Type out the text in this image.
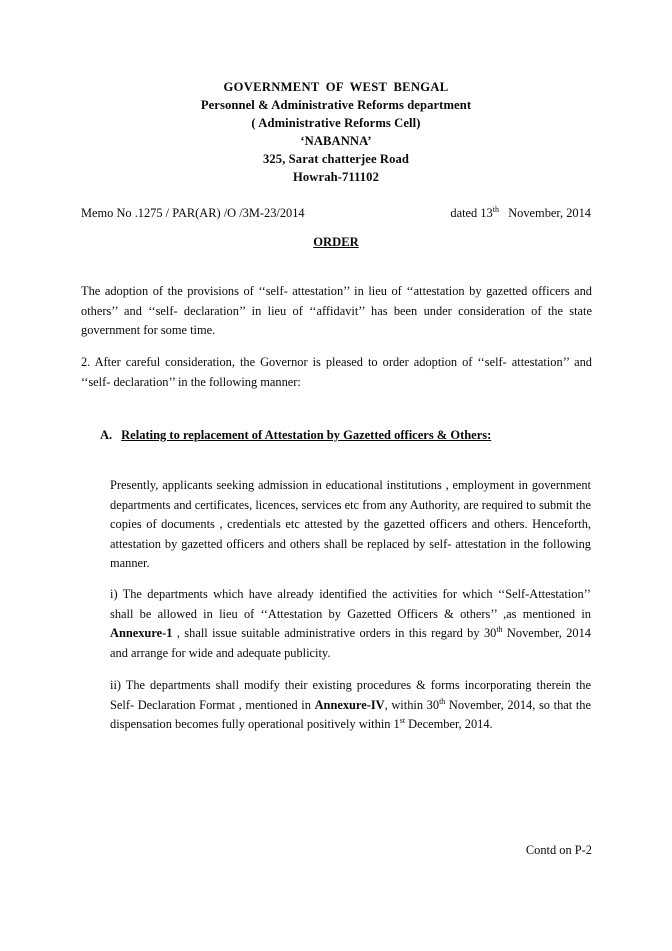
GOVERNMENT OF WEST BENGAL
Personnel & Administrative Reforms department
( Administrative Reforms Cell)
‘NABANNA’
325, Sarat chatterjee Road
Howrah-711102
Memo No .1275 / PAR(AR) /O /3M-23/2014	dated 13th   November, 2014
ORDER
The adoption of the provisions of ‘‘self- attestation’’ in lieu of ‘‘attestation by gazetted officers and others’’ and ‘‘self- declaration’’ in lieu of ‘‘affidavit’’ has been under consideration of the state government for some time.
2. After careful consideration, the Governor is pleased to order adoption of ‘‘self- attestation’’ and ‘‘self- declaration’’ in the following manner:
A. Relating to replacement of Attestation by Gazetted officers & Others:
Presently, applicants seeking admission in educational institutions , employment in government departments and certificates, licences, services etc from any Authority, are required to submit the copies of documents , credentials etc attested by the gazetted officers and others. Henceforth, attestation by gazetted officers and others shall be replaced by self- attestation in the following manner.
i) The departments which have already identified the activities for which ‘‘Self-Attestation’’ shall be allowed in lieu of ‘‘Attestation by Gazetted Officers & others’’ ,as mentioned in Annexure-1 , shall issue suitable administrative orders in this regard by 30th November, 2014 and arrange for wide and adequate publicity.
ii) The departments shall modify their existing procedures & forms incorporating therein the Self- Declaration Format , mentioned in Annexure-IV, within 30th November, 2014, so that the dispensation becomes fully operational positively within 1st December, 2014.
Contd on P-2
